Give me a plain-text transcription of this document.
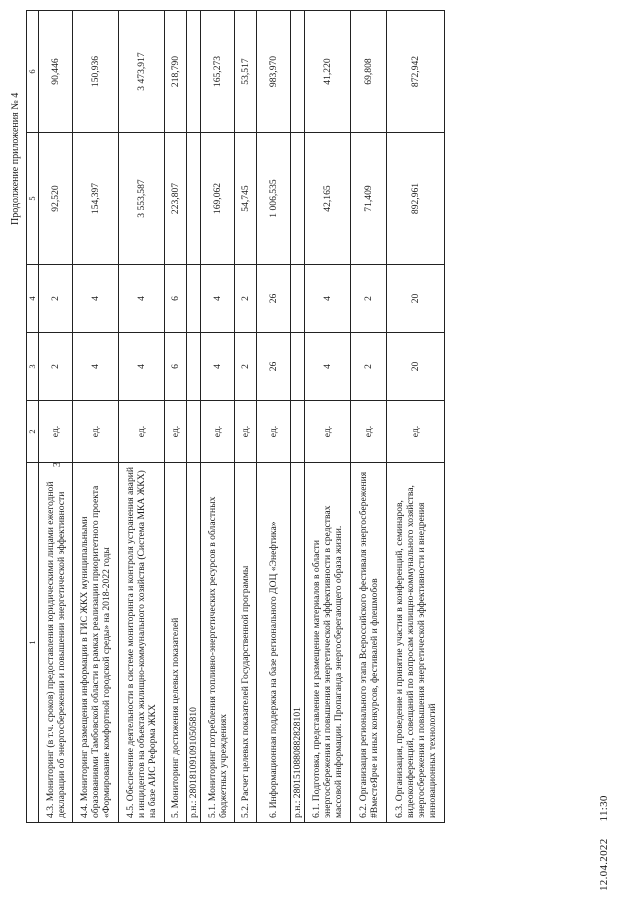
Продолжение приложения № 4
3
1	2	3	4	5	6
4.3. Мониторинг (в т.ч. сроков) предоставления юридическими лицами ежегодной декларации об энергосбережении и повышении энергетической эффективности	ед.	2	2	92,520	90,446
4.4. Мониторинг размещения информации в ГИС ЖКХ муниципальными образованиями Тамбовской области в рамках реализации приоритетного проекта «Формирование комфортной городской среды» на 2018-2022 годы	ед.	4	4	154,397	150,936
4.5. Обеспечение деятельности в системе мониторинга и контроля устранения аварий и инцидентов на объектах жилищно-коммунального хозяйства (Система МКА ЖКХ) на базе АИС Реформа ЖКХ	ед.	4	4	3 553,587	3 473,917
5. Мониторинг достижения целевых показателей	ед.	6	6	223,807	218,790
р.н.: 2801810910910505810					
5.1. Мониторинг потребления топливно-энергетических ресурсов в областных бюджетных учреждениях	ед.	4	4	169,062	165,273
5.2. Расчет целевых показателей Государственной программы	ед.	2	2	54,745	53,517
6. Информационная поддержка на базе регионального ДОЦ «Энефтика»	ед.	26	26	1 006,535	983,970
р.н.: 2801510880882828101					
6.1. Подготовка, представление и размещение материалов в области энергосбережения и повышения энергетической эффективности в средствах массовой информации. Пропаганда энергосберегающего образа жизни.	ед.	4	4	42,165	41,220
6.2. Организация регионального этапа Всероссийского фестиваля энергосбережения #ВместеЯрче и иных конкурсов, фестивалей и флешмобов	ед.	2	2	71,409	69,808
6.3. Организация, проведение и принятие участия в конференций, семинаров, видеоконференций, совещаний по вопросам жилищно-коммунального хозяйства, энергосбережения и повышения энергетической эффективности и внедрения инновационных технологий	ед.	20	20	892,961	872,942
12.04.2022 11:30
